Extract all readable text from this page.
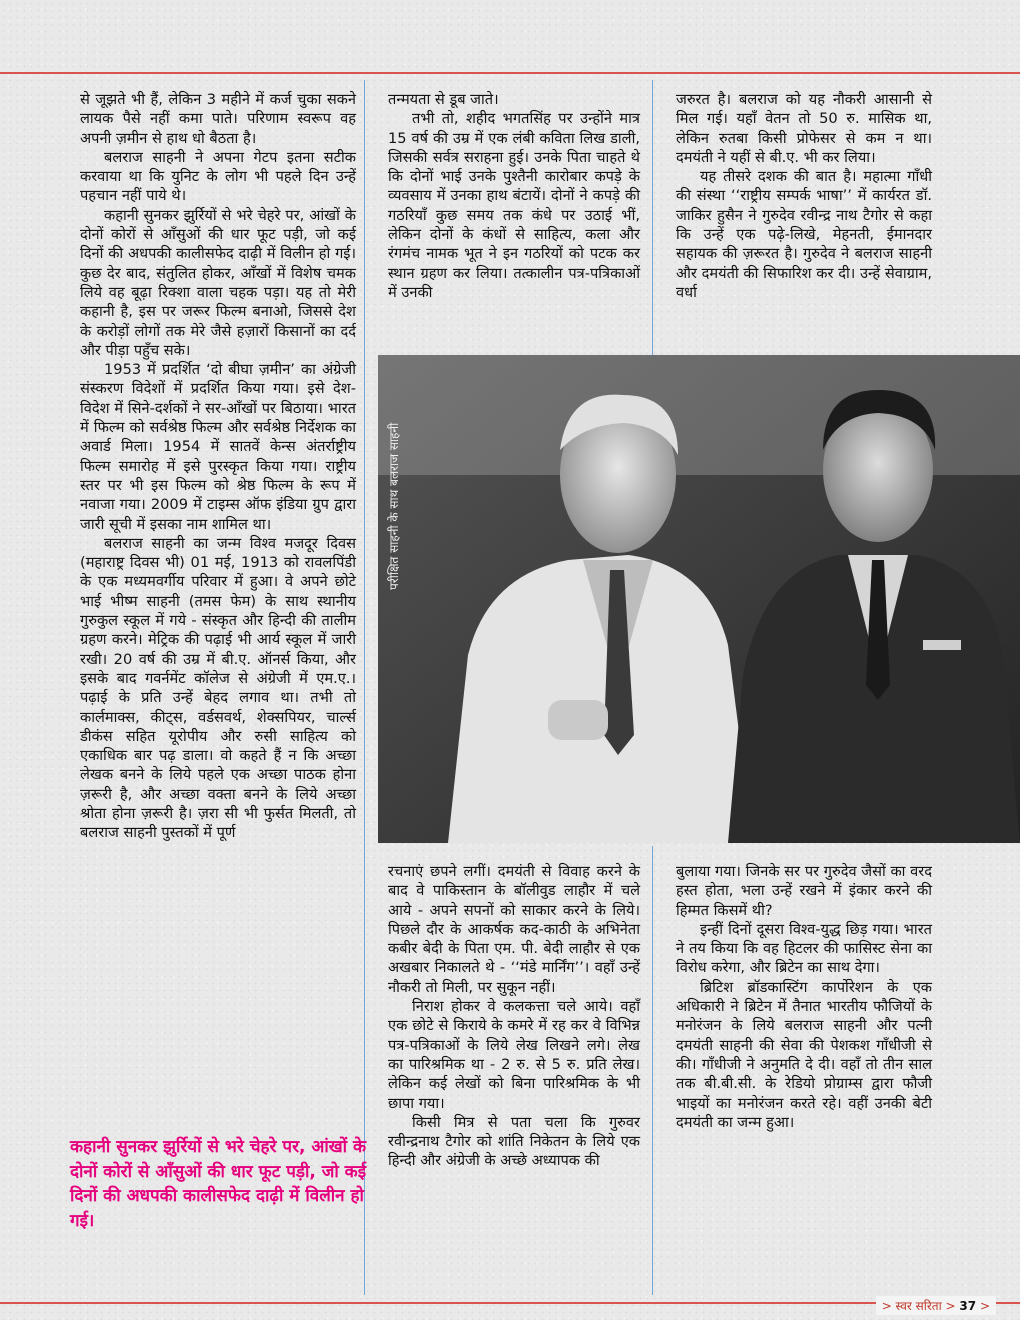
से जूझते भी हैं, लेकिन 3 महीने में कर्ज चुका सकने लायक पैसे नहीं कमा पाते। परिणाम स्वरूप वह अपनी ज़मीन से हाथ धो बैठता है।

बलराज साहनी ने अपना गेटप इतना सटीक करवाया था कि युनिट के लोग भी पहले दिन उन्हें पहचान नहीं पाये थे।

कहानी सुनकर झुर्रियों से भरे चेहरे पर, आंखों के दोनों कोरों से आँसुओं की धार फूट पड़ी, जो कई दिनों की अधपकी कालीसफेद दाढ़ी में विलीन हो गई। कुछ देर बाद, संतुलित होकर, आँखों में विशेष चमक लिये वह बूढ़ा रिक्शा वाला चहक पड़ा। यह तो मेरी कहानी है, इस पर जरूर फिल्म बनाओ, जिससे देश के करोड़ों लोगों तक मेरे जैसे हज़ारों किसानों का दर्द और पीड़ा पहुँच सके।

1953 में प्रदर्शित ‘दो बीघा ज़मीन’ का अंग्रेजी संस्करण विदेशों में प्रदर्शित किया गया। इसे देश-विदेश में सिने-दर्शकों ने सर-आँखों पर बिठाया। भारत में फिल्म को सर्वश्रेष्ठ फिल्म और सर्वश्रेष्ठ निर्देशक का अवार्ड मिला। 1954 में सातवें केन्स अंतर्राष्ट्रीय फिल्म समारोह में इसे पुरस्कृत किया गया। राष्ट्रीय स्तर पर भी इस फिल्म को श्रेष्ठ फिल्म के रूप में नवाजा गया। 2009 में टाइम्स ऑफ इंडिया ग्रुप द्वारा जारी सूची में इसका नाम शामिल था।

बलराज साहनी का जन्म विश्व मजदूर दिवस (महाराष्ट्र दिवस भी) 01 मई, 1913 को रावलपिंडी के एक मध्यमवर्गीय परिवार में हुआ। वे अपने छोटे भाई भीष्म साहनी (तमस फेम) के साथ स्थानीय गुरुकुल स्कूल में गये - संस्कृत और हिन्दी की तालीम ग्रहण करने। मेट्रिक की पढ़ाई भी आर्य स्कूल में जारी रखी। 20 वर्ष की उम्र में बी.ए. ऑनर्स किया, और इसके बाद गवर्नमेंट कॉलेज से अंग्रेजी में एम.ए.। पढ़ाई के प्रति उन्हें बेहद लगाव था। तभी तो कार्लमाक्स, कीट्स, वर्डसवर्थ, शेक्सपियर, चार्ल्स डीकंस सहित यूरोपीय और रुसी साहित्य को एकाधिक बार पढ़ डाला। वो कहते हैं न कि अच्छा लेखक बनने के लिये पहले एक अच्छा पाठक होना ज़रूरी है, और अच्छा वक्ता बनने के लिये अच्छा श्रोता होना ज़रूरी है। ज़रा सी भी फुर्सत मिलती, तो बलराज साहनी पुस्तकों में पूर्ण

तन्मयता से डूब जाते।

तभी तो, शहीद भगतसिंह पर उन्होंने मात्र 15 वर्ष की उम्र में एक लंबी कविता लिख डाली, जिसकी सर्वत्र सराहना हुई। उनके पिता चाहते थे कि दोनों भाई उनके पुश्तैनी कारोबार कपड़े के व्यवसाय में उनका हाथ बंटायें। दोनों ने कपड़े की गठरियाँ कुछ समय तक कंधे पर उठाई भीं, लेकिन दोनों के कंधों से साहित्य, कला और रंगमंच नामक भूत ने इन गठरियों को पटक कर स्थान ग्रहण कर लिया। तत्कालीन पत्र-पत्रिकाओं में उनकी

रचनाएं छपने लगीं। दमयंती से विवाह करने के बाद वे पाकिस्तान के बॉलीवुड लाहौर में चले आये - अपने सपनों को साकार करने के लिये। पिछले दौर के आकर्षक कद-काठी के अभिनेता कबीर बेदी के पिता एम. पी. बेदी लाहौर से एक अखबार निकालते थे - ‘‘मंडे मार्निंग’’। वहाँ उन्हें नौकरी तो मिली, पर सुकून नहीं।

निराश होकर वे कलकत्ता चले आये। वहाँ एक छोटे से किराये के कमरे में रह कर वे विभिन्न पत्र-पत्रिकाओं के लिये लेख लिखने लगे। लेख का पारिश्रमिक था - 2 रु. से 5 रु. प्रति लेख। लेकिन कई लेखों को बिना पारिश्रमिक के भी छापा गया।

किसी मित्र से पता चला कि गुरुवर रवीन्द्रनाथ टैगोर को शांति निकेतन के लिये एक हिन्दी और अंग्रेजी के अच्छे अध्यापक की

जरुरत है। बलराज को यह नौकरी आसानी से मिल गई। यहाँ वेतन तो 50 रु. मासिक था, लेकिन रुतबा किसी प्रोफेसर से कम न था। दमयंती ने यहीं से बी.ए. भी कर लिया।

यह तीसरे दशक की बात है। महात्मा गाँधी की संस्था ‘‘राष्ट्रीय सम्पर्क भाषा’’ में कार्यरत डॉ. जाकिर हुसैन ने गुरुदेव रवीन्द्र नाथ टैगोर से कहा कि उन्हें एक पढ़े-लिखे, मेहनती, ईमानदार सहायक की ज़रूरत है। गुरुदेव ने बलराज साहनी और दमयंती की सिफारिश कर दी। उन्हें सेवाग्राम, वर्धा

बुलाया गया। जिनके सर पर गुरुदेव जैसों का वरद हस्त होता, भला उन्हें रखने में इंकार करने की हिम्मत किसमें थी?

इन्हीं दिनों दूसरा विश्व-युद्ध छिड़ गया। भारत ने तय किया कि वह हिटलर की फासिस्ट सेना का विरोध करेगा, और ब्रिटेन का साथ देगा।

ब्रिटिश ब्रॉडकास्टिंग कार्पोरेशन के एक अधिकारी ने ब्रिटेन में तैनात भारतीय फौजियों के मनोरंजन के लिये बलराज साहनी और पत्नी दमयंती साहनी की सेवा की पेशकश गाँधीजी से की। गाँधीजी ने अनुमति दे दी। वहाँ तो तीन साल तक बी.बी.सी. के रेडियो प्रोग्राम्स द्वारा फौजी भाइयों का मनोरंजन करते रहे। वहीं उनकी बेटी दमयंती का जन्म हुआ।

परीक्षित साहनी के साथ बलराज साहनी
कहानी सुनकर झुर्रियों से भरे चेहरे पर, आंखों के दोनों कोरों से आँसुओं की धार फूट पड़ी, जो कई दिनों की अधपकी कालीसफेद दाढ़ी में विलीन हो गई।
> स्वर सरिता > 37 >
